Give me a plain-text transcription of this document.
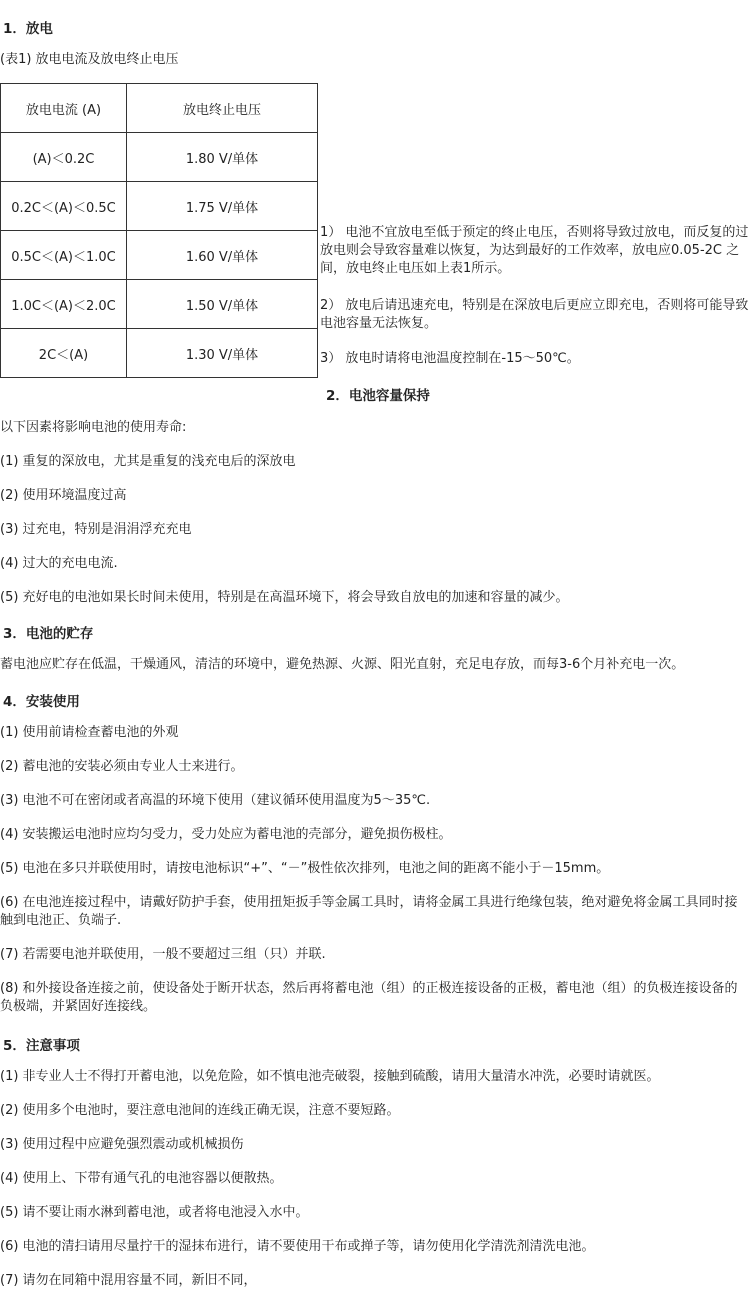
1．放电
(表1) 放电电流及放电终止电压
放电电流 (A)	放电终止电压
(A)＜0.2C	1.80 V/单体
0.2C＜(A)＜0.5C	1.75 V/单体
0.5C＜(A)＜1.0C	1.60 V/单体
1.0C＜(A)＜2.0C	1.50 V/单体
2C＜(A)	1.30 V/单体
1） 电池不宜放电至低于预定的终止电压，否则将导致过放电，而反复的过放电则会导致容量难以恢复，为达到最好的工作效率，放电应0.05-2C 之间，放电终止电压如上表1所示。
2） 放电后请迅速充电，特别是在深放电后更应立即充电，否则将可能导致电池容量无法恢复。
3） 放电时请将电池温度控制在-15～50℃。
2．电池容量保持
以下因素将影响电池的使用寿命:
(1) 重复的深放电，尤其是重复的浅充电后的深放电
(2) 使用环境温度过高
(3) 过充电，特别是涓涓浮充充电
(4) 过大的充电电流.
(5) 充好电的电池如果长时间未使用，特别是在高温环境下，将会导致自放电的加速和容量的减少。
3．电池的贮存
蓄电池应贮存在低温，干燥通风，清洁的环境中，避免热源、火源、阳光直射，充足电存放，而每3-6个月补充电一次。
4．安装使用
(1) 使用前请检查蓄电池的外观
(2) 蓄电池的安装必须由专业人士来进行。
(3) 电池不可在密闭或者高温的环境下使用（建议循环使用温度为5～35℃.
(4) 安装搬运电池时应均匀受力，受力处应为蓄电池的壳部分，避免损伤极柱。
(5) 电池在多只并联使用时，请按电池标识“+”、“－”极性依次排列，电池之间的距离不能小于－15mm。
(6) 在电池连接过程中，请戴好防护手套，使用扭矩扳手等金属工具时，请将金属工具进行绝缘包装，绝对避免将金属工具同时接触到电池正、负端子.
(7) 若需要电池并联使用，一般不要超过三组（只）并联.
(8) 和外接设备连接之前，使设备处于断开状态，然后再将蓄电池（组）的正极连接设备的正极，蓄电池（组）的负极连接设备的负极端，并紧固好连接线。
5．注意事项
(1) 非专业人士不得打开蓄电池，以免危险，如不慎电池壳破裂，接触到硫酸，请用大量清水冲洗，必要时请就医。
(2) 使用多个电池时，要注意电池间的连线正确无误，注意不要短路。
(3) 使用过程中应避免强烈震动或机械损伤
(4) 使用上、下带有通气孔的电池容器以便散热。
(5) 请不要让雨水淋到蓄电池，或者将电池浸入水中。
(6) 电池的清扫请用尽量拧干的湿抹布进行，请不要使用干布或掸子等，请勿使用化学清洗剂清洗电池。
(7) 请勿在同箱中混用容量不同，新旧不同，
